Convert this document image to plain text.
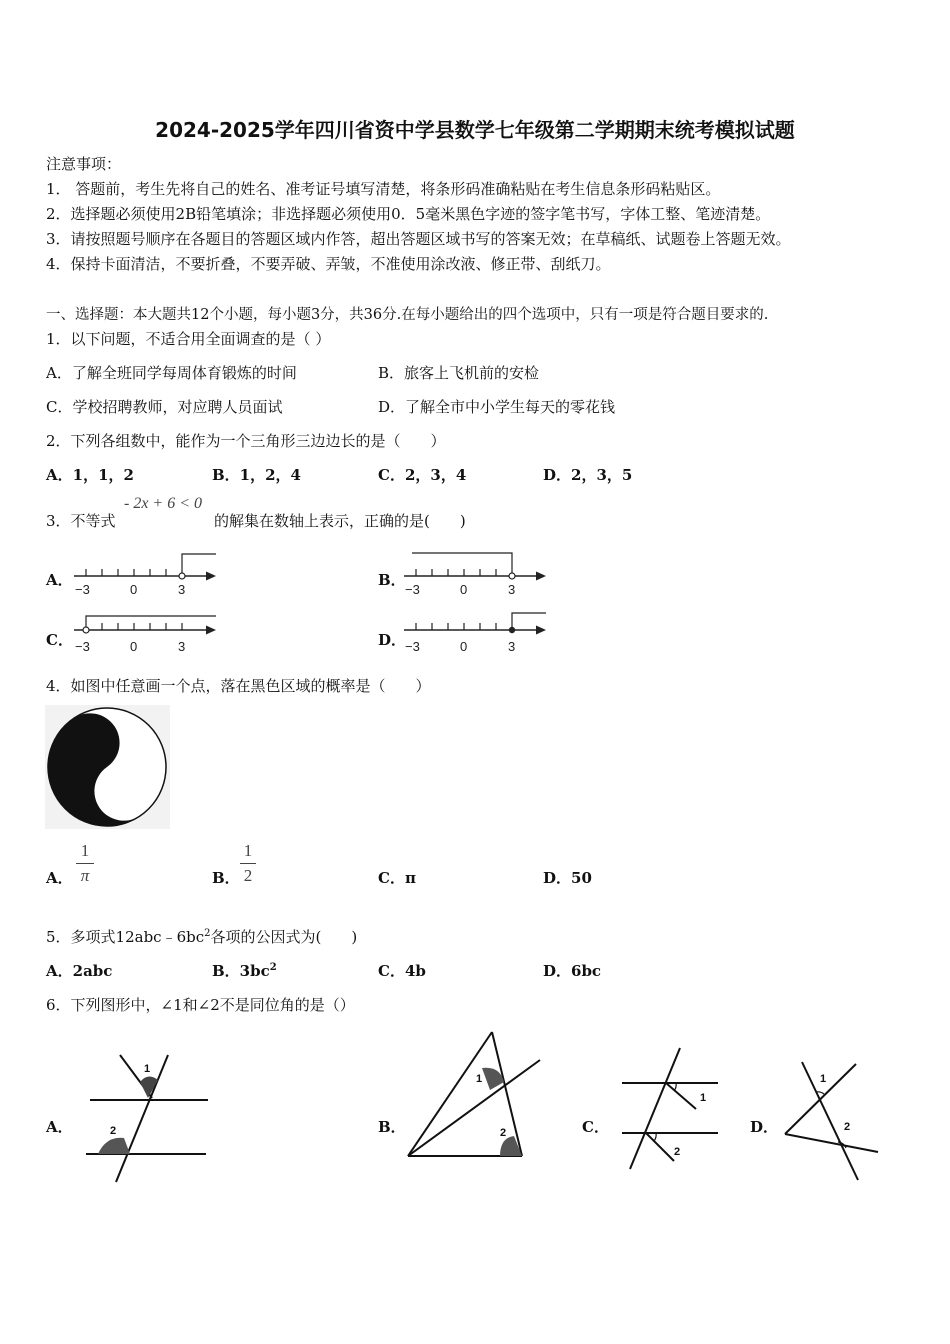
2024-2025学年四川省资中学县数学七年级第二学期期末统考模拟试题
注意事项：
1． 答题前，考生先将自己的姓名、准考证号填写清楚，将条形码准确粘贴在考生信息条形码粘贴区。
2．选择题必须使用2B铅笔填涂；非选择题必须使用0．5毫米黑色字迹的签字笔书写，字体工整、笔迹清楚。
3．请按照题号顺序在各题目的答题区域内作答，超出答题区域书写的答案无效；在草稿纸、试题卷上答题无效。
4．保持卡面清洁，不要折叠，不要弄破、弄皱，不准使用涂改液、修正带、刮纸刀。
一、选择题：本大题共12个小题，每小题3分，共36分.在每小题给出的四个选项中，只有一项是符合题目要求的.
1．以下问题，不适合用全面调查的是（ ）
A．了解全班同学每周体育锻炼的时间	B．旅客上飞机前的安检
C．学校招聘教师，对应聘人员面试	D．了解全市中小学生每天的零花钱
2．下列各组数中，能作为一个三角形三边边长的是（　　）
A．1，1，2	B．1，2，4	C．2，3，4	D．2，3，5
3．不等式
- 2x + 6 < 0
的解集在数轴上表示，正确的是(　　)
A．	B．
C．	D．
−3	0	3	−3	0	3
−3	0	3	−3	0	3
4．如图中任意画一个点，落在黑色区域的概率是（　　）
A．
1
π	B．
1
2	C．π	D．50
5．多项式$12abc﹣6bc^2$各项的公因式为(　　)
A．2abc	B．$3bc^2$	C．4b	D．6bc
6．下列图形中，∠1和∠2不是同位角的是（）
A．	B．	C．	D．
1
2
1
2
1
2
1
2
